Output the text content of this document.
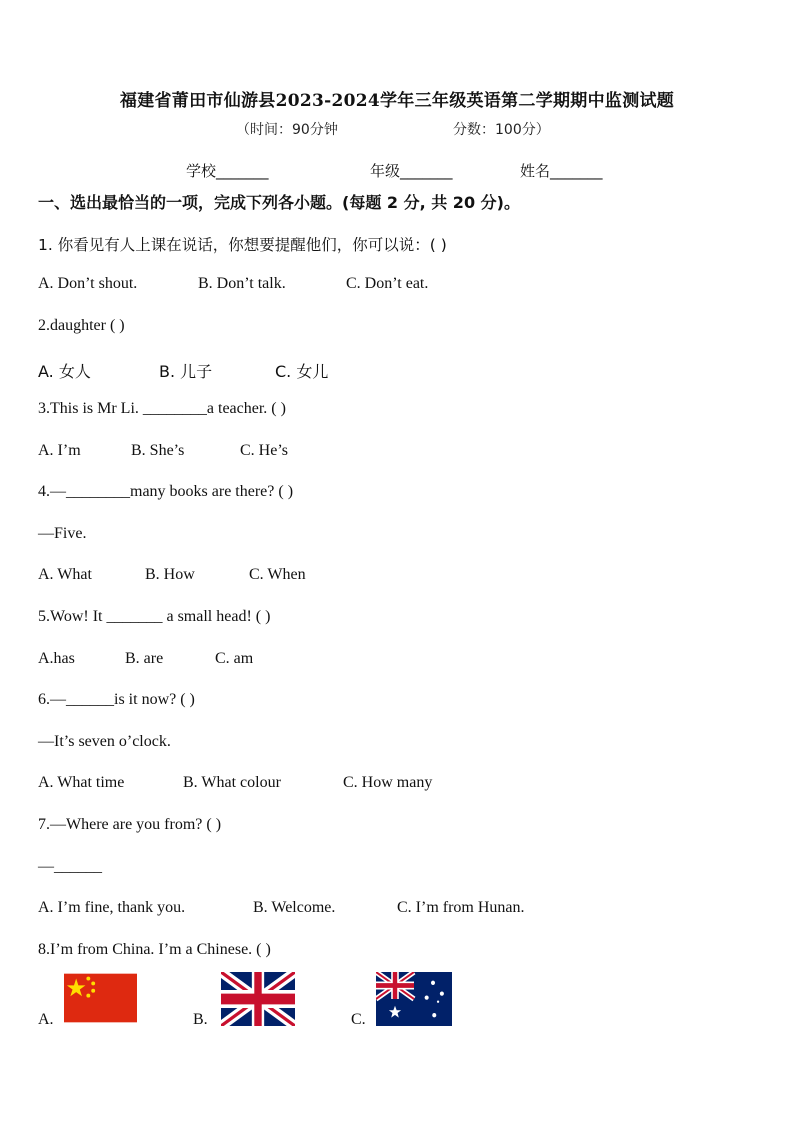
福建省莆田市仙游县2023-2024学年三年级英语第二学期期中监测试题
（时间：90分钟	分数：100分）
学校_______	年级_______	姓名_______
一、选出最恰当的一项，完成下列各小题。(每题 2 分, 共 20 分)。
1. 你看见有人上课在说话，你想要提醒他们，你可以说：( )
A. Don’t shout.	B. Don’t talk.	C. Don’t eat.
2.daughter ( )
A. 女人	B. 儿子	C. 女儿
3.This is Mr Li. ________a teacher. ( )
A. I’m	B. She’s	C. He’s
4.—________many books are there? ( )
—Five.
A. What	B. How	C. When
5.Wow! It _______ a small head! ( )
A.has	B. are	C. am
6.—______is it now? ( )
—It’s seven o’clock.
A. What time	B. What colour	C. How many
7.—Where are you from? ( )
—______
A. I’m fine, thank you.	B. Welcome.	C. I’m from Hunan.
8.I’m from China. I’m a Chinese. ( )
A.	B.	C.
